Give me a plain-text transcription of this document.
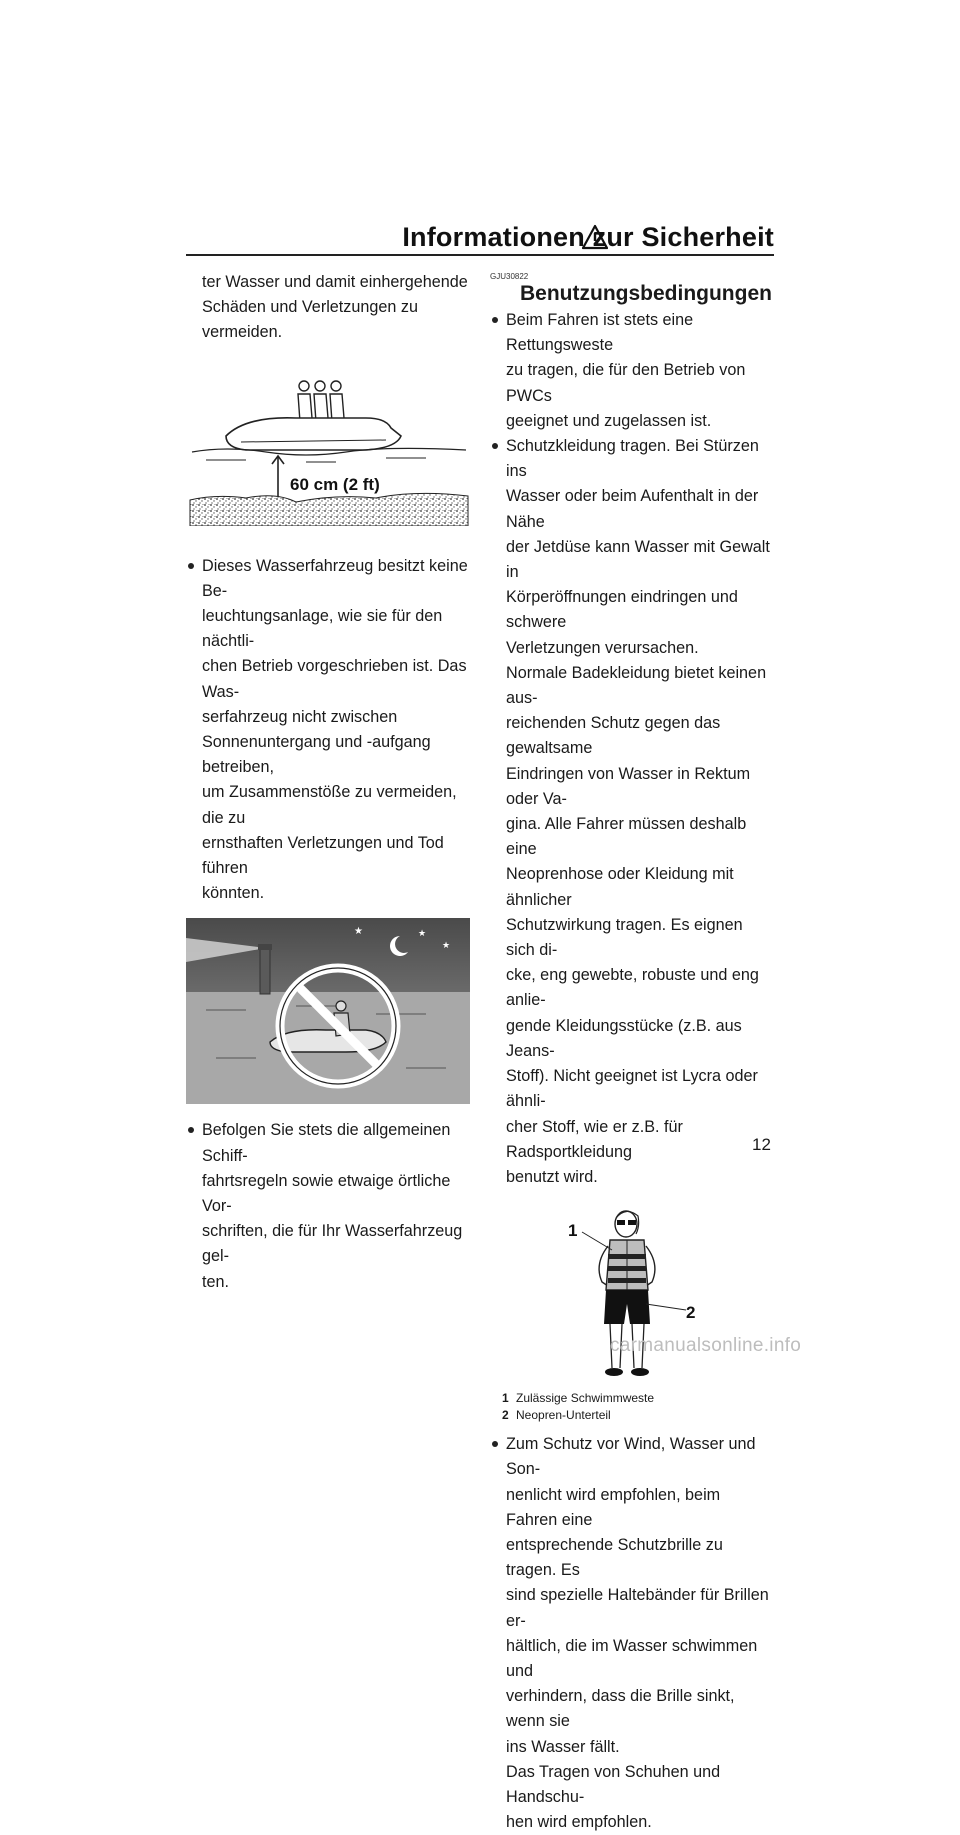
Informationen zur Sicherheit

ter Wasser und damit einhergehende

Schäden und Verletzungen zu vermeiden.

60 cm (2 ft)

Dieses Wasserfahrzeug besitzt keine Be-

leuchtungsanlage, wie sie für den nächtli-

chen Betrieb vorgeschrieben ist. Das Was-

serfahrzeug nicht zwischen

Sonnenuntergang und -aufgang betreiben,

um Zusammenstöße zu vermeiden, die zu

ernsthaften Verletzungen und Tod führen

könnten.

★	★
★

Befolgen Sie stets die allgemeinen Schiff-

fahrtsregeln sowie etwaige örtliche Vor-

schriften, die für Ihr Wasserfahrzeug gel-

ten.

GJU30822
Benutzungsbedingungen

Beim Fahren ist stets eine Rettungsweste

zu tragen, die für den Betrieb von PWCs

geeignet und zugelassen ist.

Schutzkleidung tragen. Bei Stürzen ins

Wasser oder beim Aufenthalt in der Nähe

der Jetdüse kann Wasser mit Gewalt in

Körperöffnungen eindringen und schwere

Verletzungen verursachen.

Normale Badekleidung bietet keinen aus-

reichenden Schutz gegen das gewaltsame

Eindringen von Wasser in Rektum oder Va-

gina. Alle Fahrer müssen deshalb eine

Neoprenhose oder Kleidung mit ähnlicher

Schutzwirkung tragen. Es eignen sich di-

cke, eng gewebte, robuste und eng anlie-

gende Kleidungsstücke (z.B. aus Jeans-

Stoff). Nicht geeignet ist Lycra oder ähnli-

cher Stoff, wie er z.B. für Radsportkleidung

benutzt wird.

1
2
1 Zulässige Schwimmweste
2 Neopren-Unterteil

Zum Schutz vor Wind, Wasser und Son-

nenlicht wird empfohlen, beim Fahren eine

entsprechende Schutzbrille zu tragen. Es

sind spezielle Haltebänder für Brillen er-

hältlich, die im Wasser schwimmen und

verhindern, dass die Brille sinkt, wenn sie

ins Wasser fällt.

Das Tragen von Schuhen und Handschu-

hen wird empfohlen.

12
carmanualsonline.info
